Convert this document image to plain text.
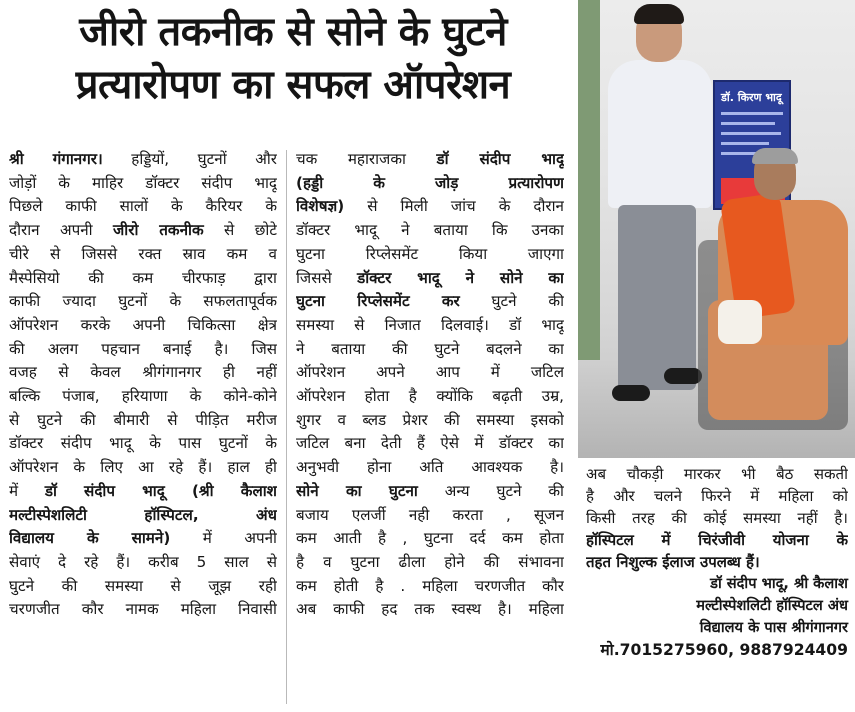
जीरो तकनीक से सोने के घुटने
प्रत्यारोपण का सफल ऑपरेशन
श्री गंगानगर। हड्डियों, घुटनों और
जोड़ों के माहिर डॉक्टर संदीप भादू
पिछले काफी सालों के कैरियर के
दौरान अपनी जीरो तकनीक से छोटे
चीरे से जिससे रक्त स्राव कम व
मैस्पेसियो की कम चीरफाड़ द्वारा
काफी ज्यादा घुटनों के सफलतापूर्वक
ऑपरेशन करके अपनी चिकित्सा क्षेत्र
की अलग पहचान बनाई है। जिस
वजह से केवल श्रीगंगानगर ही नहीं
बल्कि पंजाब, हरियाणा के कोने-कोने
से घुटने की बीमारी से पीड़ित मरीज
डॉक्टर संदीप भादू के पास घुटनों के
ऑपरेशन के लिए आ रहे हैं। हाल ही
में डॉ संदीप भादू (श्री कैलाश
मल्टीस्पेशलिटी हॉस्पिटल, अंध
विद्यालय के सामने) में अपनी
सेवाएं दे रहे हैं। करीब 5 साल से
घुटने की समस्या से जूझ रही
चरणजीत कौर नामक महिला निवासी
चक महाराजका डॉ संदीप भादू
(हड्डी के जोड़ प्रत्यारोपण
विशेषज्ञ) से मिली जांच के दौरान
डॉक्टर भादू ने बताया कि उनका
घुटना रिप्लेसमेंट किया जाएगा
जिससे डॉक्टर भादू ने सोने का
घुटना रिप्लेसमेंट कर घुटने की
समस्या से निजात दिलवाई। डॉ भादू
ने बताया की घुटने बदलने का
ऑपरेशन अपने आप में जटिल
ऑपरेशन होता है क्योंकि बढ़ती उम्र,
शुगर व ब्लड प्रेशर की समस्या इसको
जटिल बना देती हैं ऐसे में डॉक्टर का
अनुभवी होना अति आवश्यक है।
सोने का घुटना अन्य घुटने की
बजाय एलर्जी नही करता , सूजन
कम आती है , घुटना दर्द कम होता
है व घुटना ढीला होने की संभावना
कम होती है . महिला चरणजीत कौर
अब काफी हद तक स्वस्थ है। महिला
डॉ. किरण भादू
अब चौकड़ी मारकर भी बैठ सकती
है और चलने फिरने में महिला को
किसी तरह की कोई समस्या नहीं है।
हॉस्पिटल में चिरंजीवी योजना के
तहत निशुल्क ईलाज उपलब्ध हैं।
डॉ संदीप भादू, श्री कैलाश
मल्टीस्पेशलिटी हॉस्पिटल अंध
विद्यालय के पास श्रीगंगानगर
मो.7015275960, 9887924409
